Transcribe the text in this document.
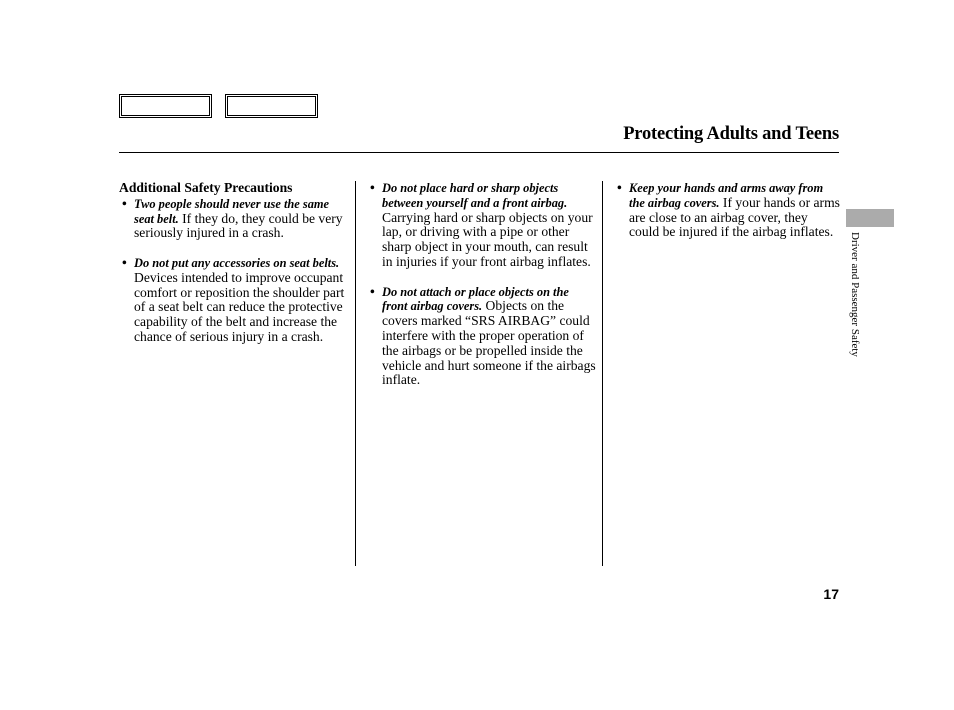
Protecting Adults and Teens
Additional Safety Precautions
• Two people should never use the same seat belt. If they do, they could be very seriously injured in a crash.
• Do not put any accessories on seat belts. Devices intended to improve occupant comfort or reposition the shoulder part of a seat belt can reduce the protective capability of the belt and increase the chance of serious injury in a crash.
• Do not place hard or sharp objects between yourself and a front airbag. Carrying hard or sharp objects on your lap, or driving with a pipe or other sharp object in your mouth, can result in injuries if your front airbag inflates.
• Do not attach or place objects on the front airbag covers. Objects on the covers marked “SRS AIRBAG” could interfere with the proper operation of the airbags or be propelled inside the vehicle and hurt someone if the airbags inflate.
• Keep your hands and arms away from the airbag covers. If your hands or arms are close to an airbag cover, they could be injured if the airbag inflates.
Driver and Passenger Safety
17
